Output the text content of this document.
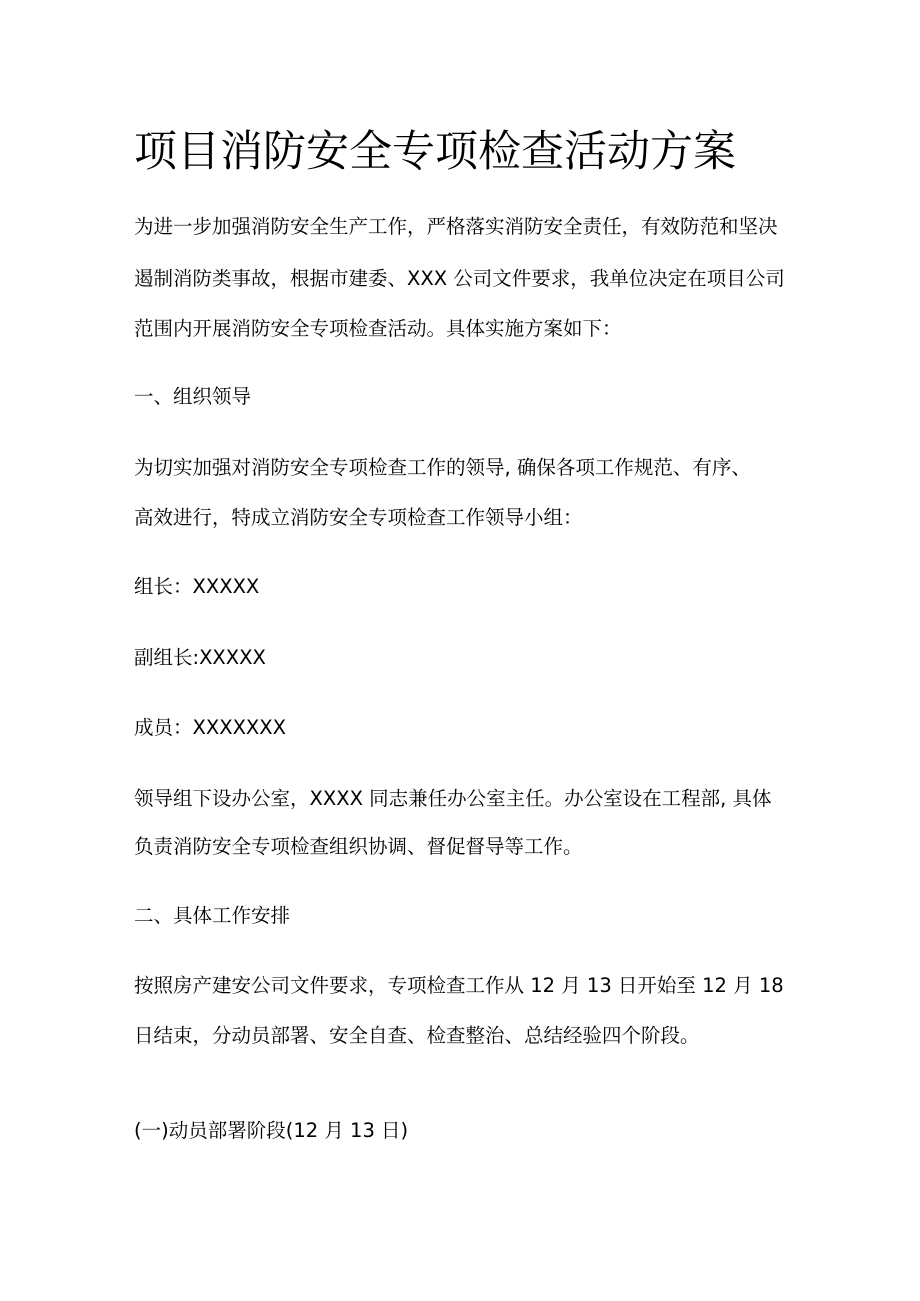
项目消防安全专项检查活动方案

为进一步加强消防安全生产工作，严格落实消防安全责任，有效防范和坚决

遏制消防类事故，根据市建委、XXX 公司文件要求，我单位决定在项目公司

范围内开展消防安全专项检查活动。具体实施方案如下：

一、组织领导

为切实加强对消防安全专项检查工作的领导, 确保各项工作规范、有序、

高效进行，特成立消防安全专项检查工作领导小组：

组长：XXXXX

副组长:XXXXX

成员：XXXXXXX

领导组下设办公室，XXXX 同志兼任办公室主任。办公室设在工程部, 具体

负责消防安全专项检查组织协调、督促督导等工作。

二、具体工作安排

按照房产建安公司文件要求，专项检查工作从 12 月 13 日开始至 12 月 18

日结束，分动员部署、安全自查、检查整治、总结经验四个阶段。

(一)动员部署阶段(12 月 13 日)
